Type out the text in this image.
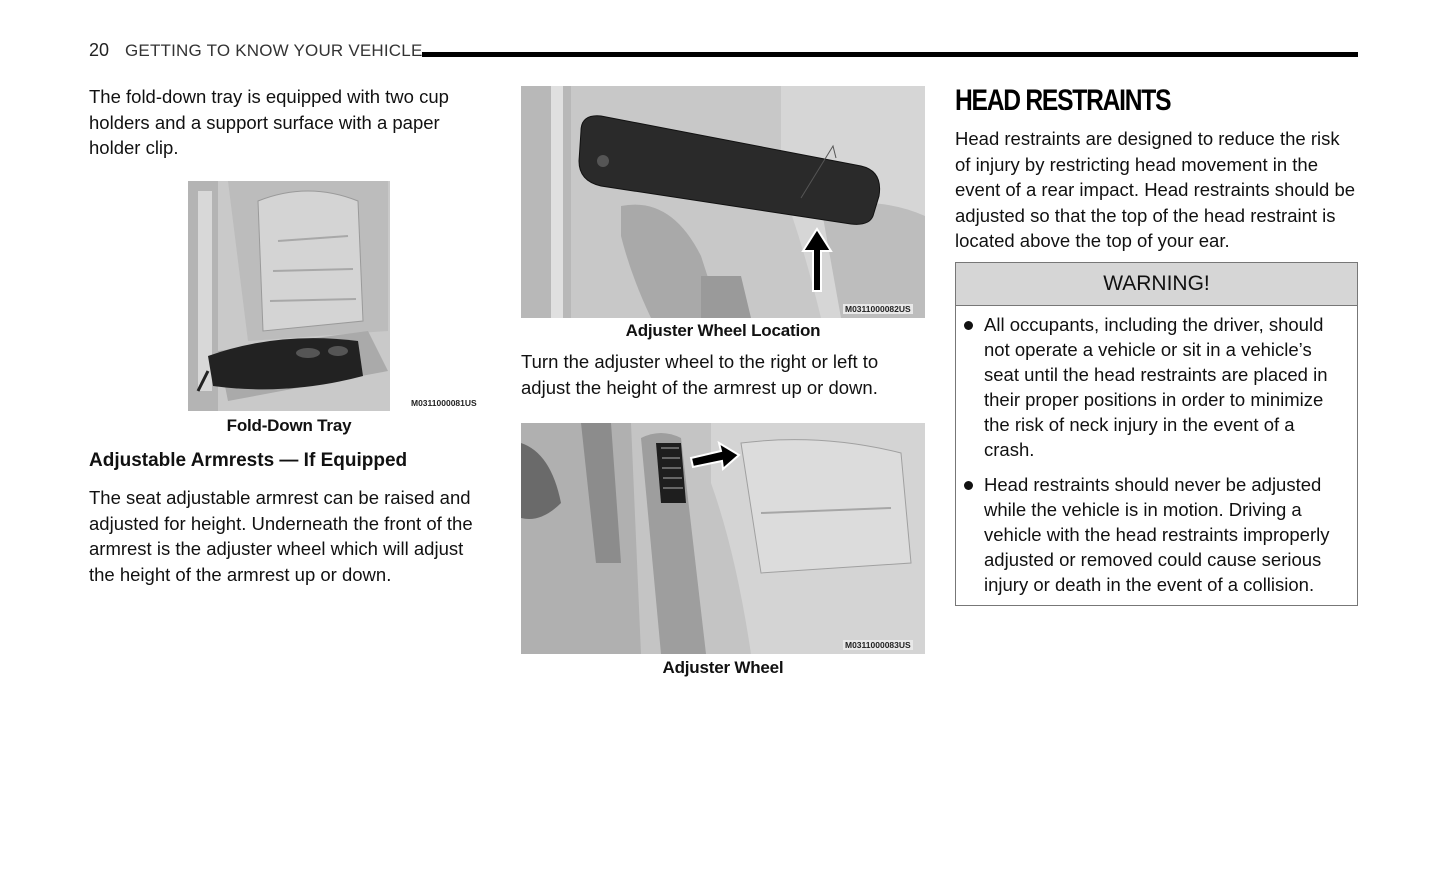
20 GETTING TO KNOW YOUR VEHICLE

The fold-down tray is equipped with two cup holders and a support surface with a paper holder clip.

M0311000081US
Fold-Down Tray
Adjustable Armrests — If Equipped

The seat adjustable armrest can be raised and adjusted for height. Underneath the front of the armrest is the adjuster wheel which will adjust the height of the armrest up or down.

M0311000082US
Adjuster Wheel Location

Turn the adjuster wheel to the right or left to adjust the height of the armrest up or down.

M0311000083US
Adjuster Wheel
HEAD RESTRAINTS

Head restraints are designed to reduce the risk of injury by restricting head movement in the event of a rear impact. Head restraints should be adjusted so that the top of the head restraint is located above the top of your ear.

WARNING!
All occupants, including the driver, should not operate a vehicle or sit in a vehicle’s seat until the head restraints are placed in their proper positions in order to minimize the risk of neck injury in the event of a crash.
Head restraints should never be adjusted while the vehicle is in motion. Driving a vehicle with the head restraints improperly adjusted or removed could cause serious injury or death in the event of a collision.
